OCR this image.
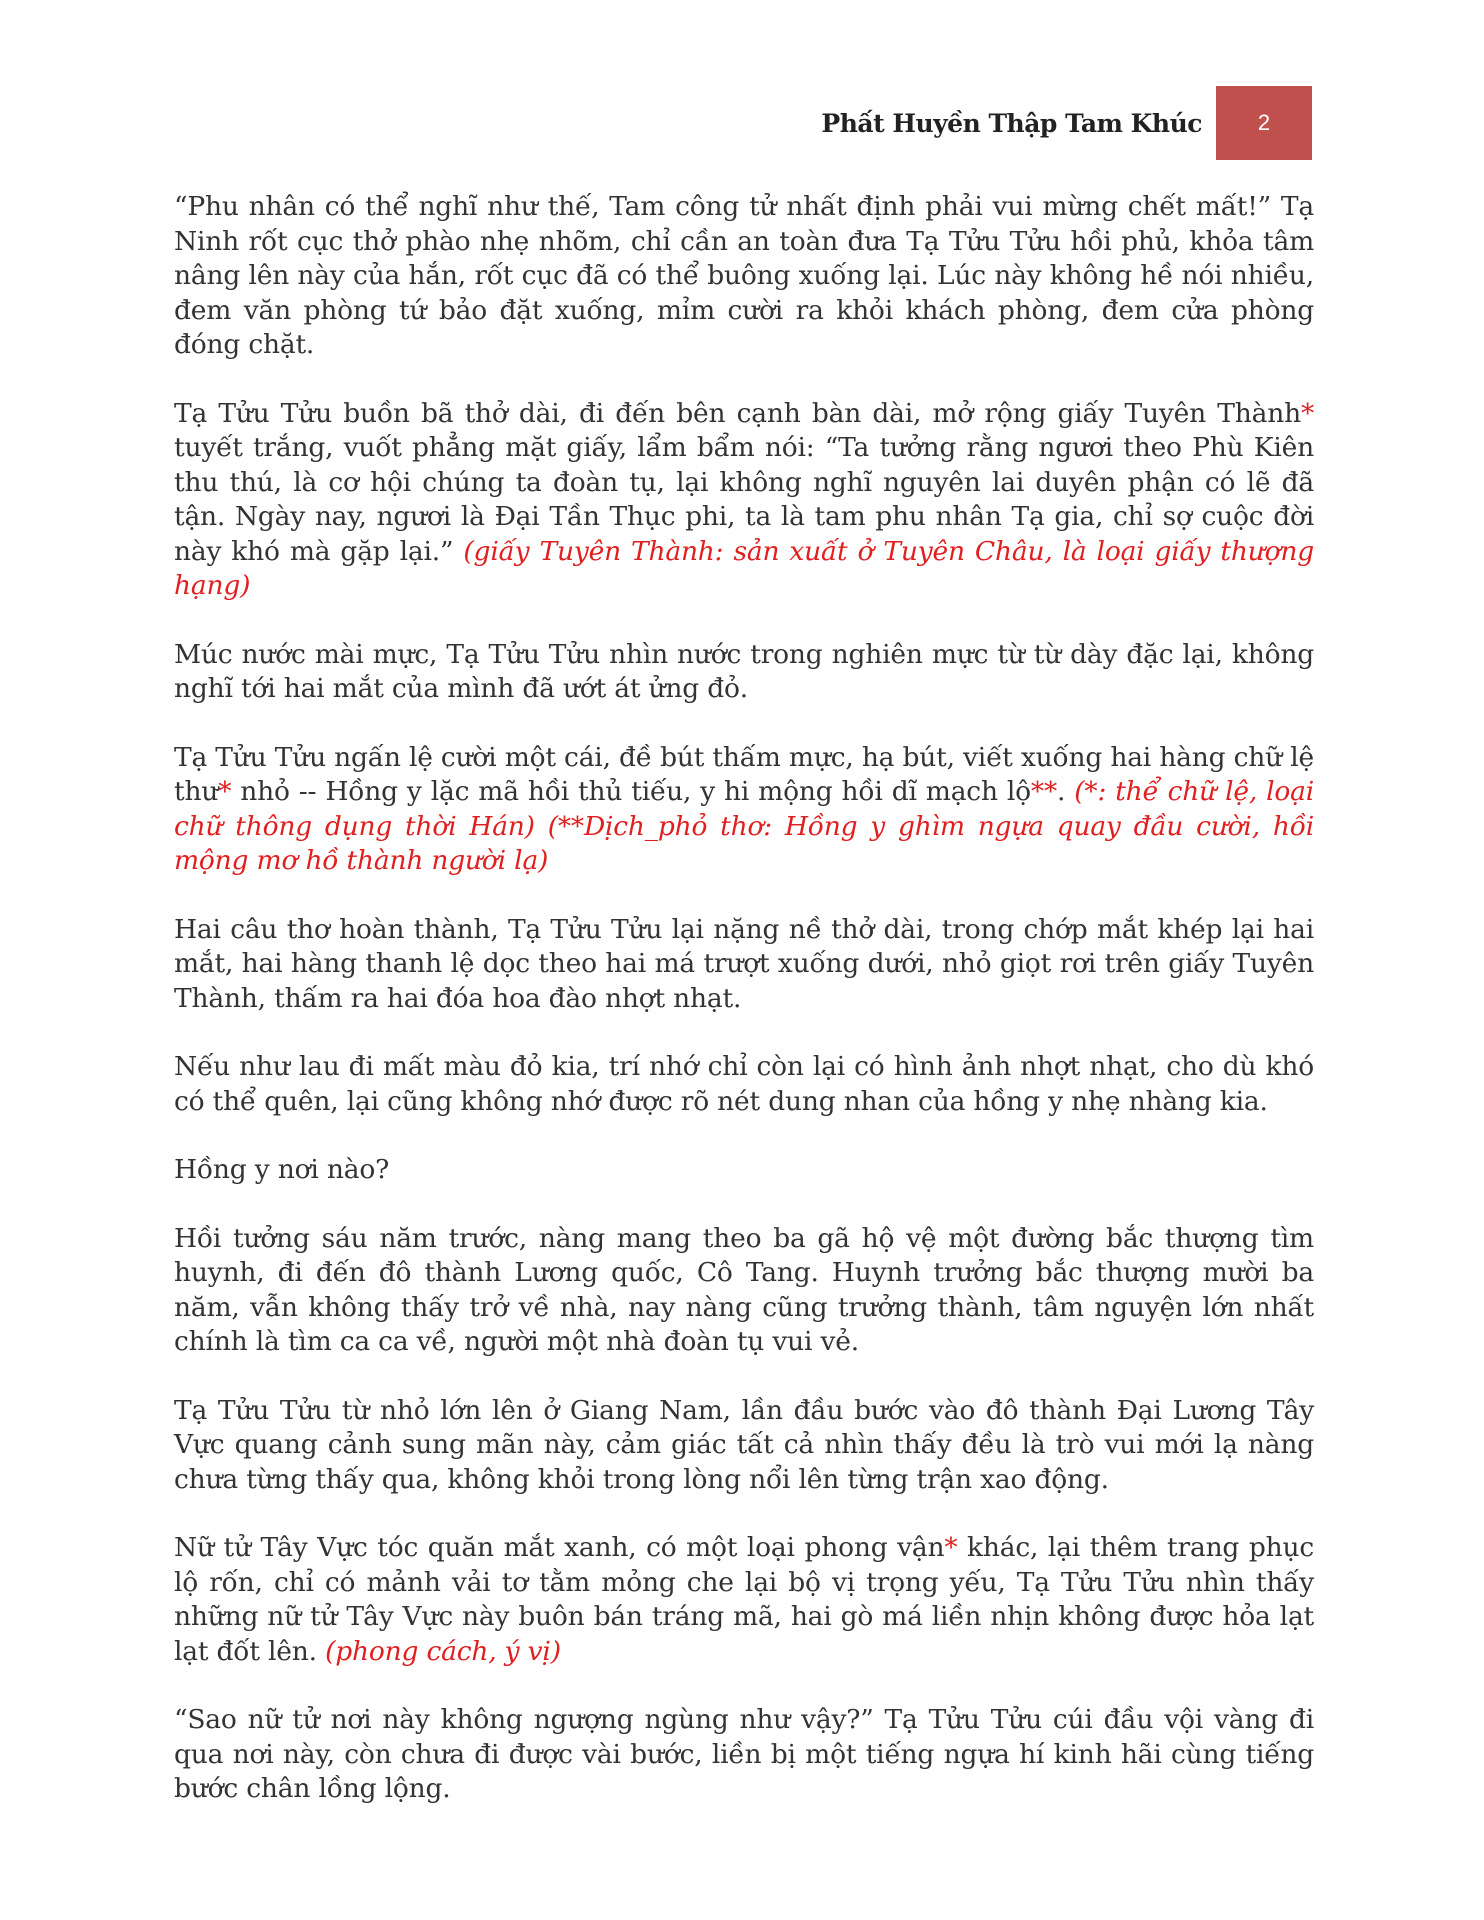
Phất Huyền Thập Tam Khúc	2

“Phu nhân có thể nghĩ như thế, Tam công tử nhất định phải vui mừng chết mất!” Tạ Ninh rốt cục thở phào nhẹ nhõm, chỉ cần an toàn đưa Tạ Tửu Tửu hồi phủ, khỏa tâm nâng lên này của hắn, rốt cục đã có thể buông xuống lại. Lúc này không hề nói nhiều, đem văn phòng tứ bảo đặt xuống, mỉm cười ra khỏi khách phòng, đem cửa phòng đóng chặt.

Tạ Tửu Tửu buồn bã thở dài, đi đến bên cạnh bàn dài, mở rộng giấy Tuyên Thành* tuyết trắng, vuốt phẳng mặt giấy, lẩm bẩm nói: “Ta tưởng rằng ngươi theo Phù Kiên thu thú, là cơ hội chúng ta đoàn tụ, lại không nghĩ nguyên lai duyên phận có lẽ đã tận. Ngày nay, ngươi là Đại Tần Thục phi, ta là tam phu nhân Tạ gia, chỉ sợ cuộc đời này khó mà gặp lại.” (giấy Tuyên Thành: sản xuất ở Tuyên Châu, là loại giấy thượng hạng)

Múc nước mài mực, Tạ Tửu Tửu nhìn nước trong nghiên mực từ từ dày đặc lại, không nghĩ tới hai mắt của mình đã ướt át ửng đỏ.

Tạ Tửu Tửu ngấn lệ cười một cái, đề bút thấm mực, hạ bút, viết xuống hai hàng chữ lệ thư* nhỏ -- Hồng y lặc mã hồi thủ tiếu, y hi mộng hồi dĩ mạch lộ**. (*: thể chữ lệ, loại chữ thông dụng thời Hán) (**Dịch_phỏ thơ: Hồng y ghìm ngựa quay đầu cười, hồi mộng mơ hồ thành người lạ)

Hai câu thơ hoàn thành, Tạ Tửu Tửu lại nặng nề thở dài, trong chớp mắt khép lại hai mắt, hai hàng thanh lệ dọc theo hai má trượt xuống dưới, nhỏ giọt rơi trên giấy Tuyên Thành, thấm ra hai đóa hoa đào nhợt nhạt.

Nếu như lau đi mất màu đỏ kia, trí nhớ chỉ còn lại có hình ảnh nhợt nhạt, cho dù khó có thể quên, lại cũng không nhớ được rõ nét dung nhan của hồng y nhẹ nhàng kia.

Hồng y nơi nào?

Hồi tưởng sáu năm trước, nàng mang theo ba gã hộ vệ một đường bắc thượng tìm huynh, đi đến đô thành Lương quốc, Cô Tang. Huynh trưởng bắc thượng mười ba năm, vẫn không thấy trở về nhà, nay nàng cũng trưởng thành, tâm nguyện lớn nhất chính là tìm ca ca về, người một nhà đoàn tụ vui vẻ.

Tạ Tửu Tửu từ nhỏ lớn lên ở Giang Nam, lần đầu bước vào đô thành Đại Lương Tây Vực quang cảnh sung mãn này, cảm giác tất cả nhìn thấy đều là trò vui mới lạ nàng chưa từng thấy qua, không khỏi trong lòng nổi lên từng trận xao động.

Nữ tử Tây Vực tóc quăn mắt xanh, có một loại phong vận* khác, lại thêm trang phục lộ rốn, chỉ có mảnh vải tơ tằm mỏng che lại bộ vị trọng yếu, Tạ Tửu Tửu nhìn thấy những nữ tử Tây Vực này buôn bán tráng mã, hai gò má liền nhịn không được hỏa lạt lạt đốt lên. (phong cách, ý vị)

“Sao nữ tử nơi này không ngượng ngùng như vậy?” Tạ Tửu Tửu cúi đầu vội vàng đi qua nơi này, còn chưa đi được vài bước, liền bị một tiếng ngựa hí kinh hãi cùng tiếng bước chân lồng lộng.
